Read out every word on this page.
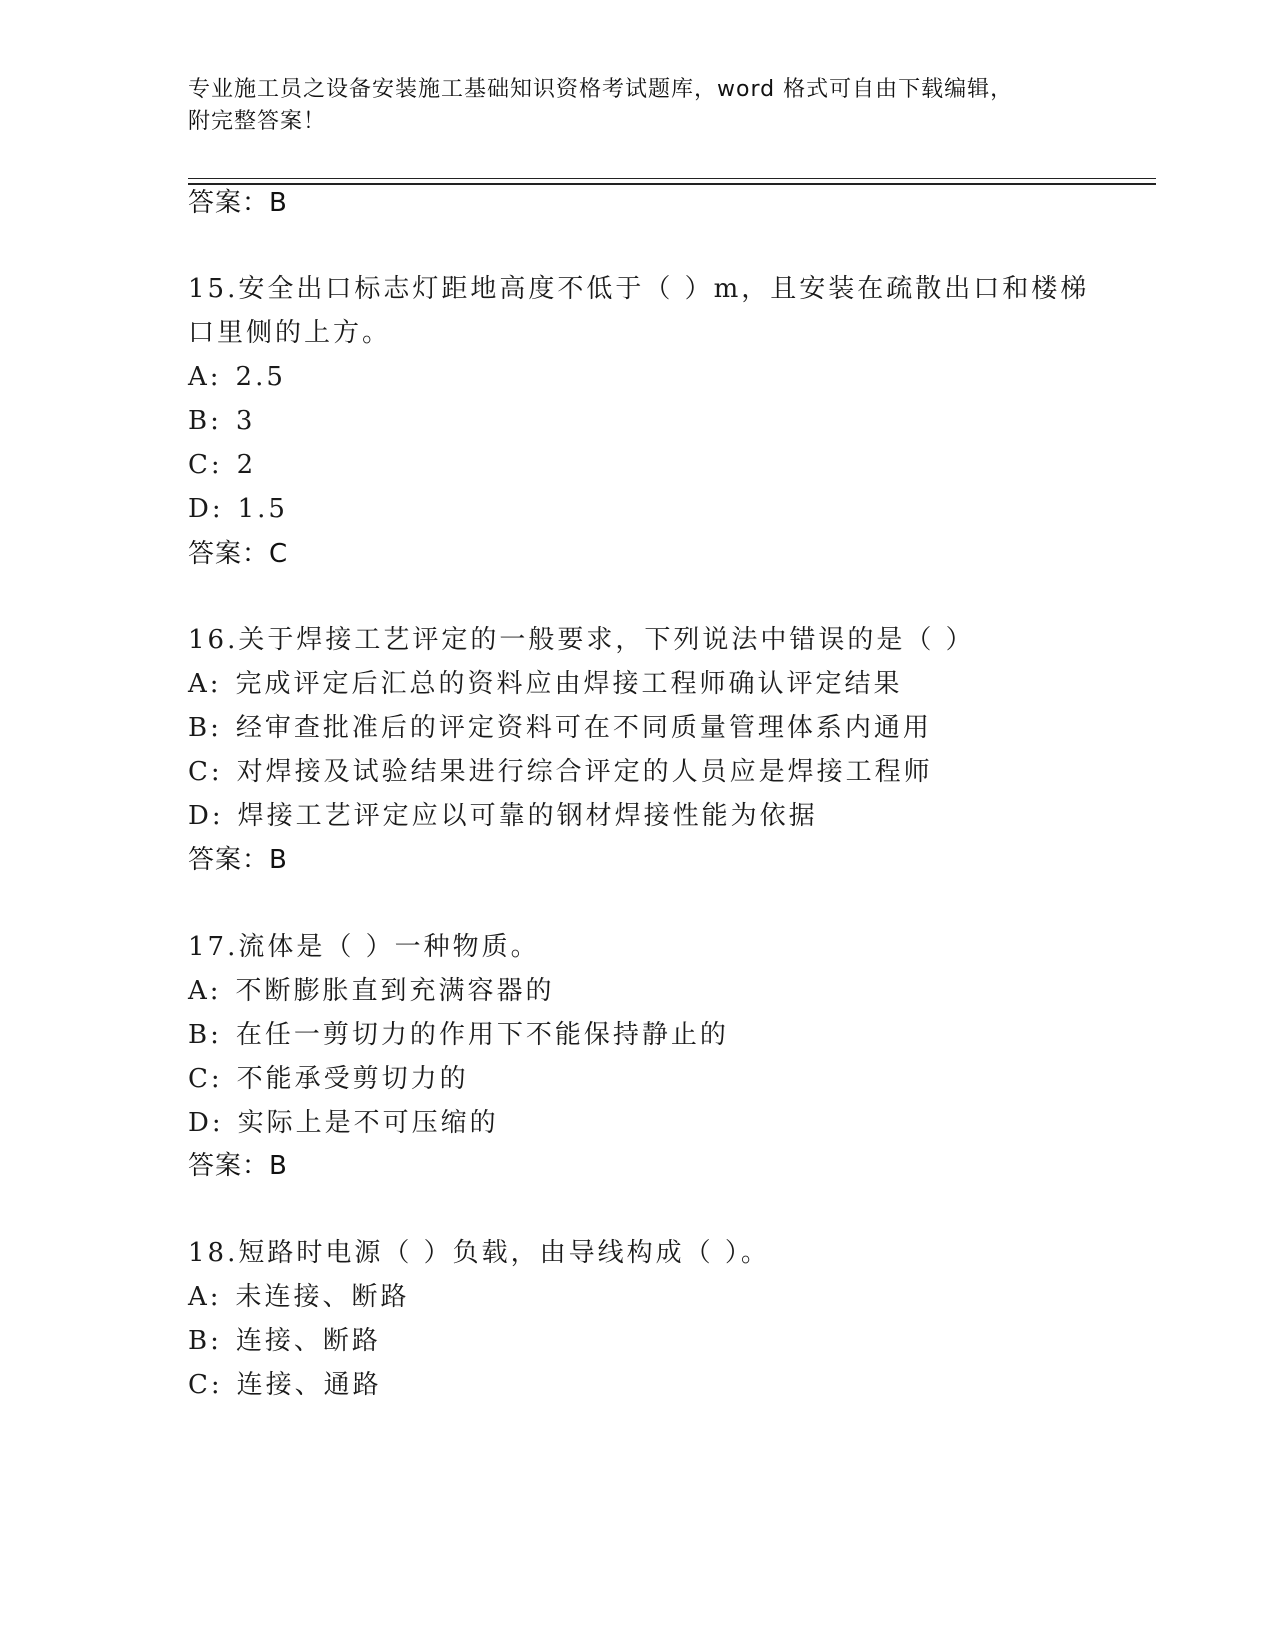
专业施工员之设备安装施工基础知识资格考试题库，word 格式可自由下载编辑，
附完整答案！
答案：B
15.安全出口标志灯距地高度不低于（ ）m，且安装在疏散出口和楼梯
口里侧的上方。
A: 2.5
B: 3
C: 2
D: 1.5
答案：C
16.关于焊接工艺评定的一般要求，下列说法中错误的是（ ）
A: 完成评定后汇总的资料应由焊接工程师确认评定结果
B: 经审查批准后的评定资料可在不同质量管理体系内通用
C: 对焊接及试验结果进行综合评定的人员应是焊接工程师
D: 焊接工艺评定应以可靠的钢材焊接性能为依据
答案：B
17.流体是（ ）一种物质。
A: 不断膨胀直到充满容器的
B: 在任一剪切力的作用下不能保持静止的
C: 不能承受剪切力的
D: 实际上是不可压缩的
答案：B
18.短路时电源（ ）负载，由导线构成（ ）。
A: 未连接、断路
B: 连接、断路
C: 连接、通路
